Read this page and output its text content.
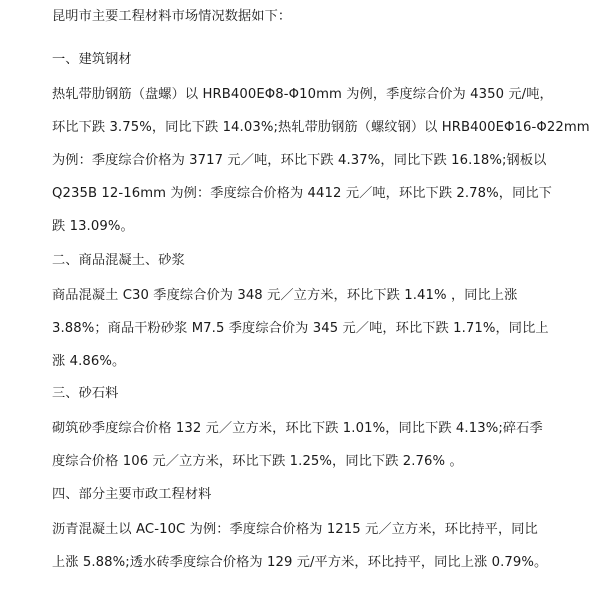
昆明市主要工程材料市场情况数据如下：
一、建筑钢材
热轧带肋钢筋（盘螺）以 HRB400EΦ8-Φ10mm 为例，季度综合价为 4350 元/吨，
环比下跌 3.75%，同比下跌 14.03%;热轧带肋钢筋（螺纹钢）以 HRB400EΦ16-Φ22mm
为例：季度综合价格为 3717 元／吨，环比下跌 4.37%，同比下跌 16.18%;钢板以
Q235B 12-16mm 为例：季度综合价格为 4412 元／吨，环比下跌 2.78%，同比下
跌 13.09%。
二、商品混凝土、砂浆
商品混凝土 C30 季度综合价为 348 元／立方米，环比下跌 1.41% ，同比上涨
3.88%；商品干粉砂浆 M7.5 季度综合价为 345 元／吨，环比下跌 1.71%，同比上
涨 4.86%。
三、砂石料
砌筑砂季度综合价格 132 元／立方米，环比下跌 1.01%，同比下跌 4.13%;碎石季
度综合价格 106 元／立方米，环比下跌 1.25%，同比下跌 2.76% 。
四、部分主要市政工程材料
沥青混凝土以 AC-10C 为例：季度综合价格为 1215 元／立方米，环比持平，同比
上涨 5.88%;透水砖季度综合价格为 129 元/平方米，环比持平，同比上涨 0.79%。
